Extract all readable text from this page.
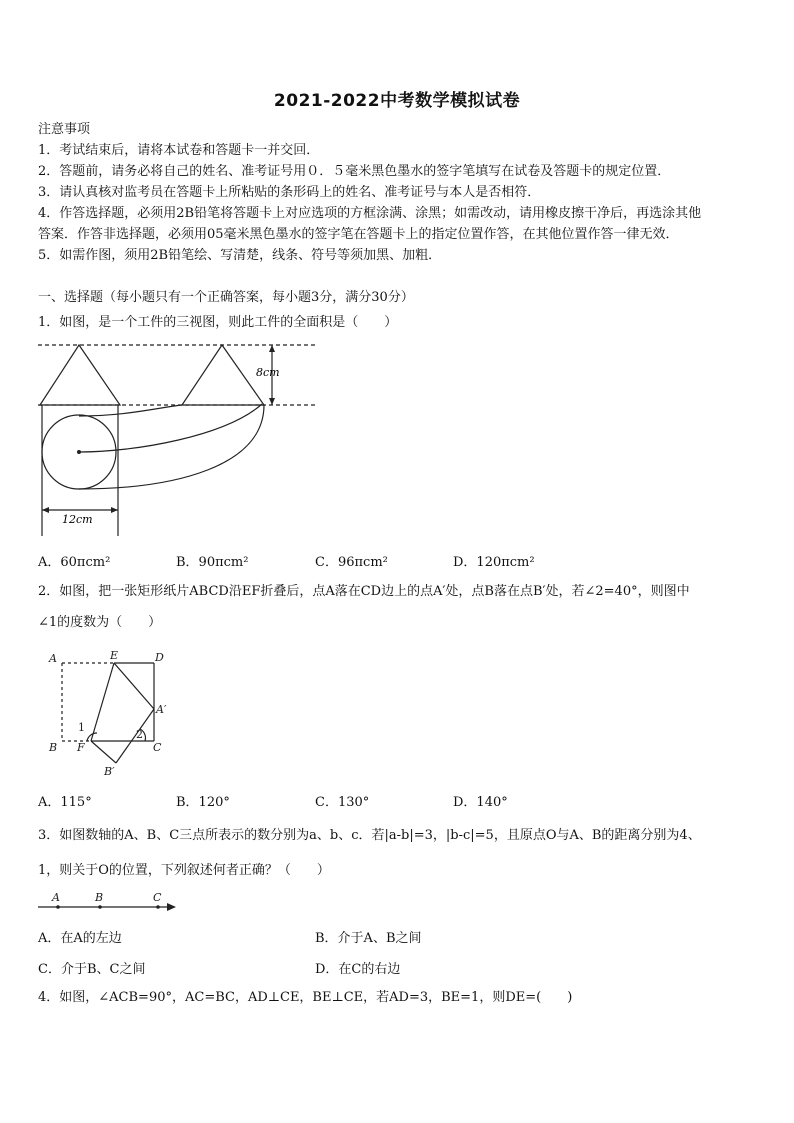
2021-2022中考数学模拟试卷
注意事项
1．考试结束后，请将本试卷和答题卡一并交回．
2．答题前，请务必将自己的姓名、准考证号用０．５毫米黑色墨水的签字笔填写在试卷及答题卡的规定位置．
3．请认真核对监考员在答题卡上所粘贴的条形码上的姓名、准考证号与本人是否相符．
4．作答选择题，必须用2B铅笔将答题卡上对应选项的方框涂满、涂黑；如需改动，请用橡皮擦干净后，再选涂其他
答案．作答非选择题，必须用05毫米黑色墨水的签字笔在答题卡上的指定位置作答，在其他位置作答一律无效．
5．如需作图，须用2B铅笔绘、写清楚，线条、符号等须加黑、加粗．
一、选择题（每小题只有一个正确答案，每小题3分，满分30分）
1．如图，是一个工件的三视图，则此工件的全面积是（　　）
8cm
12cm
A．60πcm²	B．90πcm²	C．96πcm²	D．120πcm²
2．如图，把一张矩形纸片ABCD沿EF折叠后，点A落在CD边上的点A′处，点B落在点B′处，若∠2=40°，则图中
∠1的度数为（　　）
A	E	D
A′
B F	C
B′
1
2
A．115°	B．120°	C．130°	D．140°
3．如图数轴的A、B、C三点所表示的数分别为a、b、c．若|a-b|=3，|b-c|=5，且原点O与A、B的距离分别为4、
1，则关于O的位置，下列叙述何者正确？（　　）
A	B	C
A．在A的左边	B．介于A、B之间
C．介于B、C之间	D．在C的右边
4．如图，∠ACB=90°，AC=BC，AD⊥CE，BE⊥CE，若AD=3，BE=1，则DE=(　　)
